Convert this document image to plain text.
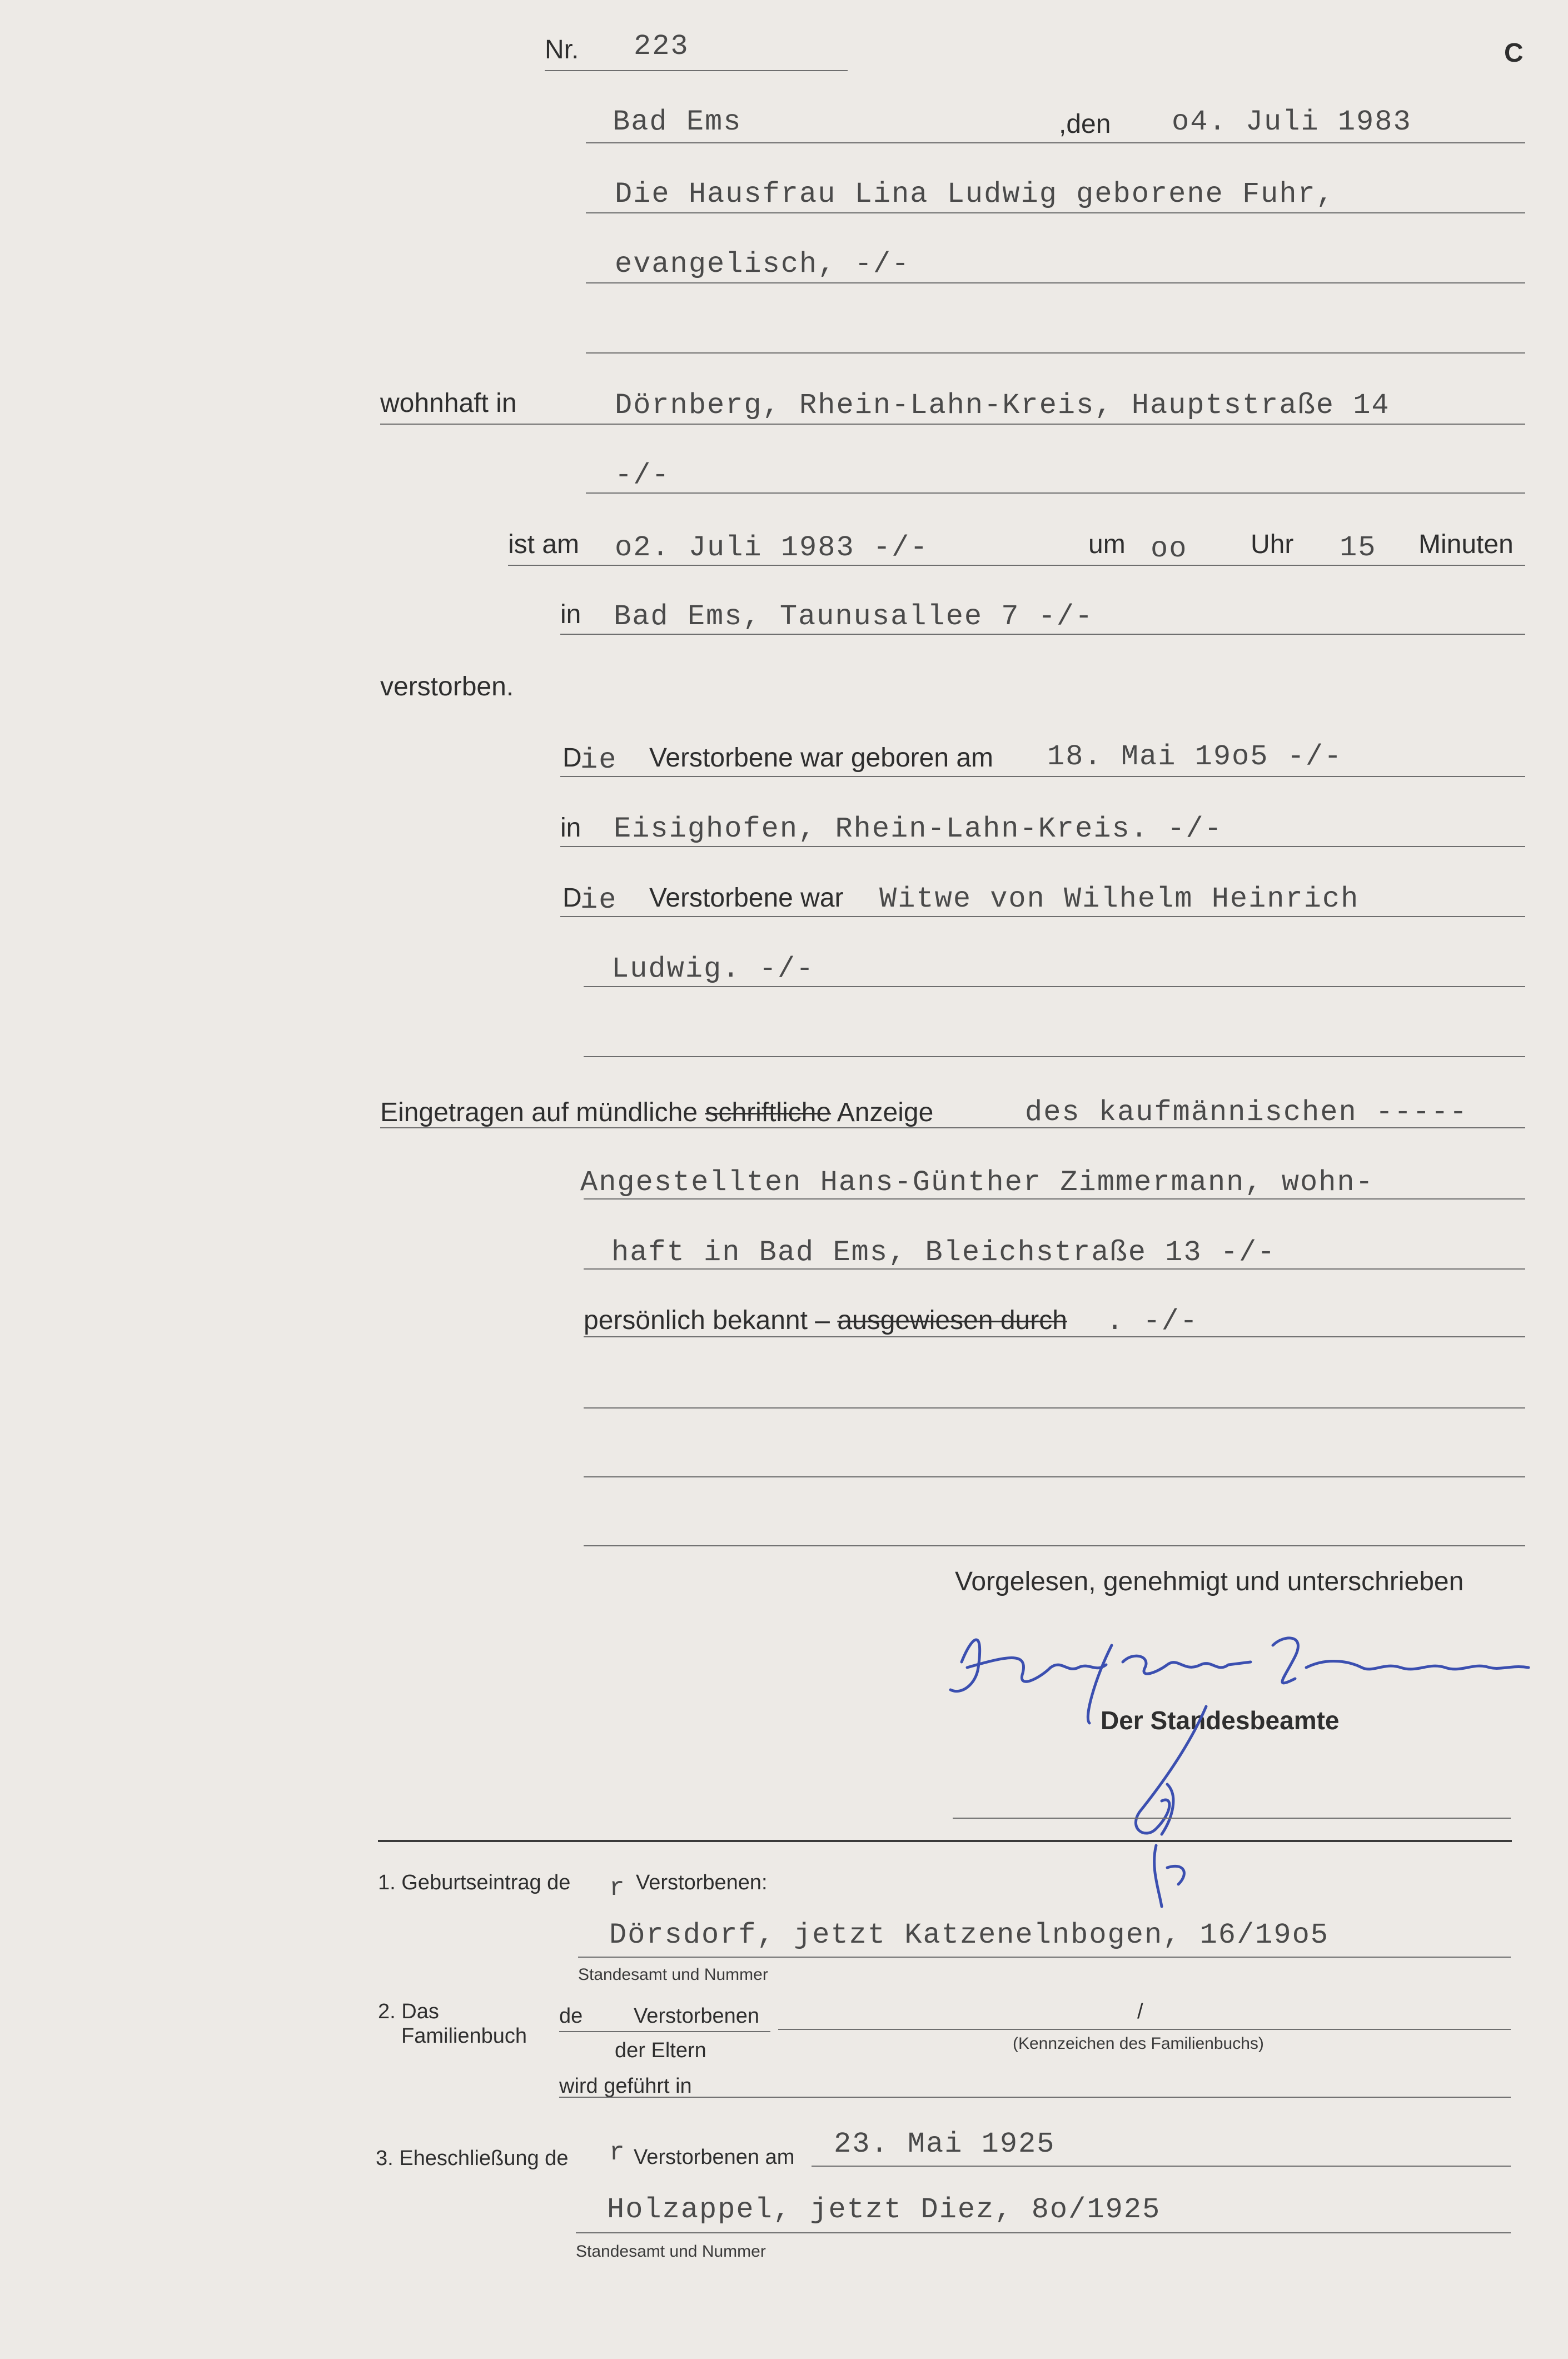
Nr. 223	C
Bad Ems	,den o4. Juli 1983
Die Hausfrau Lina Ludwig geborene Fuhr,
evangelisch, -/-
wohnhaft in	Dörnberg, Rhein-Lahn-Kreis, Hauptstraße 14
-/-
ist am o2. Juli 1983 -/-	um oo Uhr 15 Minuten
in Bad Ems, Taunusallee 7 -/-
verstorben.
D
ie Verstorbene war geboren am 18. Mai 19o5 -/-
in Eisighofen, Rhein-Lahn-Kreis. -/-
D
ie Verstorbene war Witwe von Wilhelm Heinrich
Ludwig. -/-
Eingetragen auf mündliche schriftliche Anzeige	des kaufmännischen -----
Angestellten Hans-Günther Zimmermann, wohn-
haft in Bad Ems, Bleichstraße 13 -/-
persönlich bekannt – ausgewiesen durch . -/-
Vorgelesen, genehmigt und unterschrieben
Der Standesbeamte
1. Geburtseintrag de r Verstorbenen:
Dörsdorf, jetzt Katzenelnbogen, 16/19o5
Standesamt und Nummer
2. Das
Familienbuch
de Verstorbenen
der Eltern
/
(Kennzeichen des Familienbuchs)
wird geführt in
3. Eheschließung de r Verstorbenen am 23. Mai 1925
Holzappel, jetzt Diez, 8o/1925
Standesamt und Nummer
